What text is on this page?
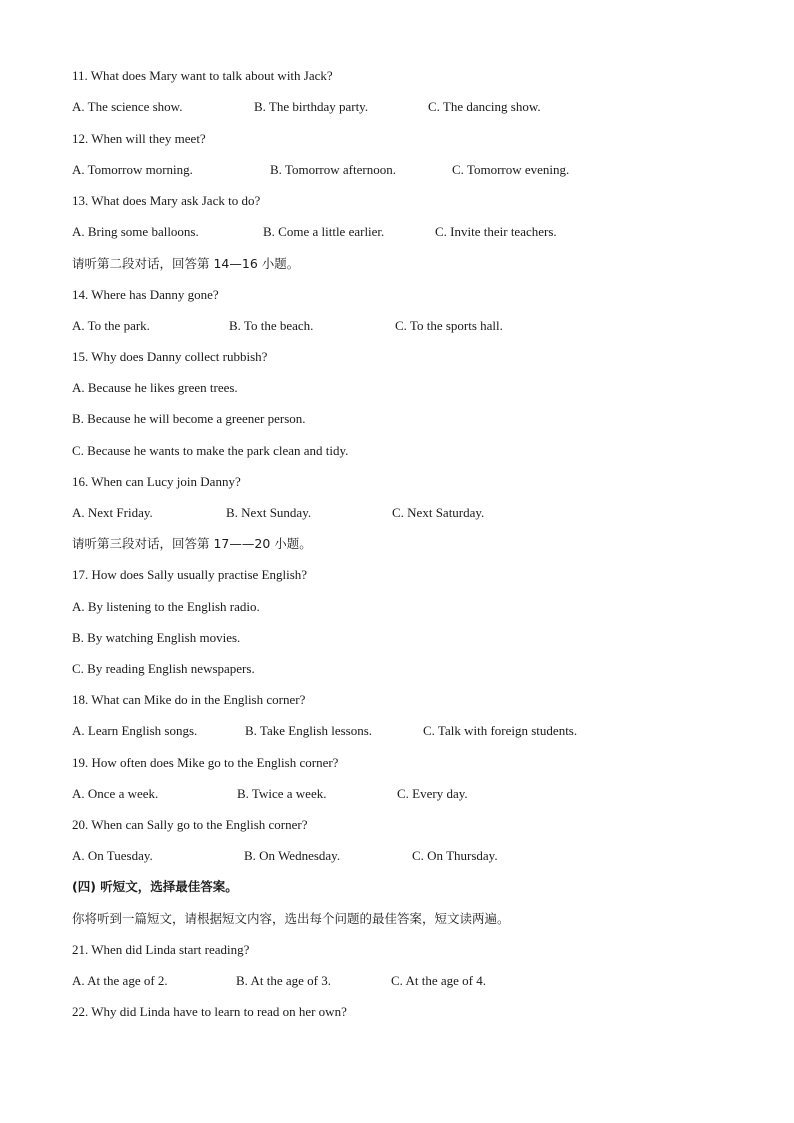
11. What does Mary want to talk about with Jack?
A. The science show.	B. The birthday party.	C. The dancing show.
12. When will they meet?
A. Tomorrow morning.	B. Tomorrow afternoon.	C. Tomorrow evening.
13. What does Mary ask Jack to do?
A. Bring some balloons.	B. Come a little earlier.	C. Invite their teachers.
请听第二段对话，回答第 14—16 小题。
14. Where has Danny gone?
A. To the park.	B. To the beach.	C. To the sports hall.
15. Why does Danny collect rubbish?
A. Because he likes green trees.
B. Because he will become a greener person.
C. Because he wants to make the park clean and tidy.
16. When can Lucy join Danny?
A. Next Friday.	B. Next Sunday.	C. Next Saturday.
请听第三段对话，回答第 17——20 小题。
17. How does Sally usually practise English?
A. By listening to the English radio.
B. By watching English movies.
C. By reading English newspapers.
18. What can Mike do in the English corner?
A. Learn English songs.	B. Take English lessons.	C. Talk with foreign students.
19. How often does Mike go to the English corner?
A. Once a week.	B. Twice a week.	C. Every day.
20. When can Sally go to the English corner?
A. On Tuesday.	B. On Wednesday.	C. On Thursday.
(四) 听短文，选择最佳答案。
你将听到一篇短文，请根据短文内容，选出每个问题的最佳答案，短文读两遍。
21. When did Linda start reading?
A. At the age of 2.	B. At the age of 3.	C. At the age of 4.
22. Why did Linda have to learn to read on her own?
